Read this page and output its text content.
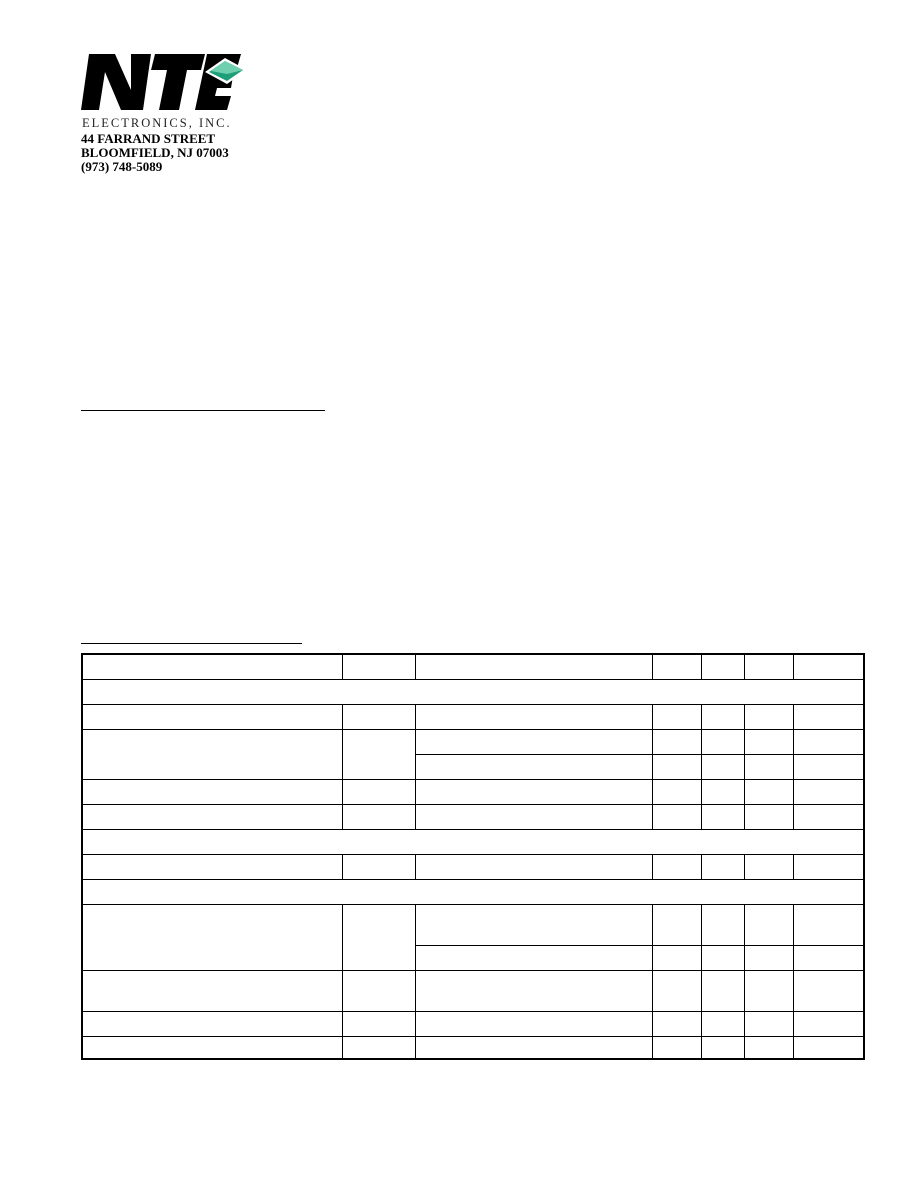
ELECTRONICS, INC.
44 FARRAND STREET
BLOOMFIELD, NJ 07003
(973) 748-5089
